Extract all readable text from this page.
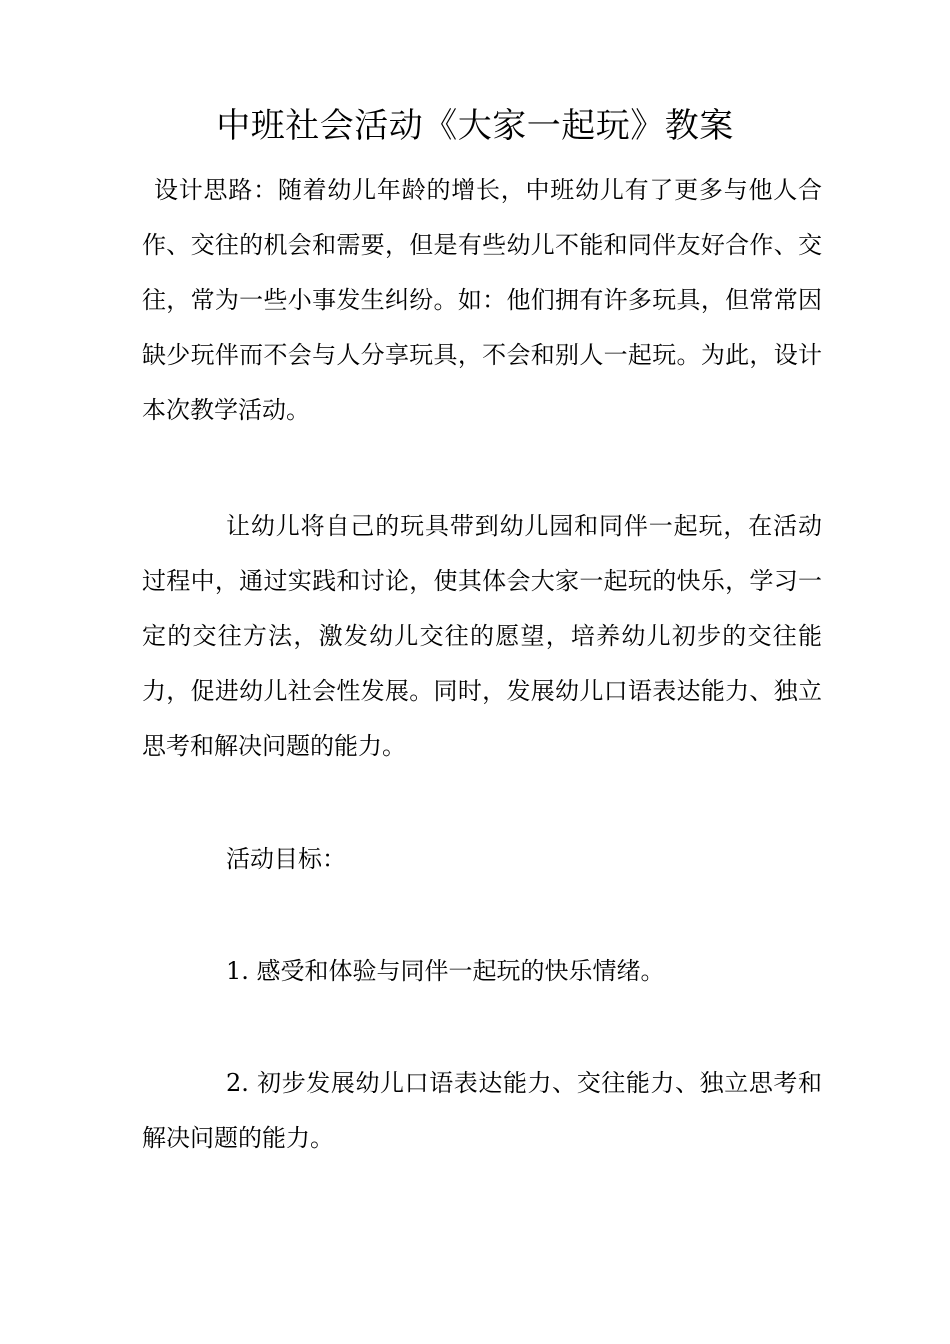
中班社会活动《大家一起玩》教案

设计思路：随着幼儿年龄的增长，中班幼儿有了更多与他人合作、交往的机会和需要，但是有些幼儿不能和同伴友好合作、交往，常为一些小事发生纠纷。如：他们拥有许多玩具，但常常因缺少玩伴而不会与人分享玩具，不会和别人一起玩。为此，设计本次教学活动。

让幼儿将自己的玩具带到幼儿园和同伴一起玩，在活动过程中，通过实践和讨论，使其体会大家一起玩的快乐，学习一定的交往方法，激发幼儿交往的愿望，培养幼儿初步的交往能力，促进幼儿社会性发展。同时，发展幼儿口语表达能力、独立思考和解决问题的能力。

活动目标：

1. 感受和体验与同伴一起玩的快乐情绪。

2. 初步发展幼儿口语表达能力、交往能力、独立思考和解决问题的能力。
